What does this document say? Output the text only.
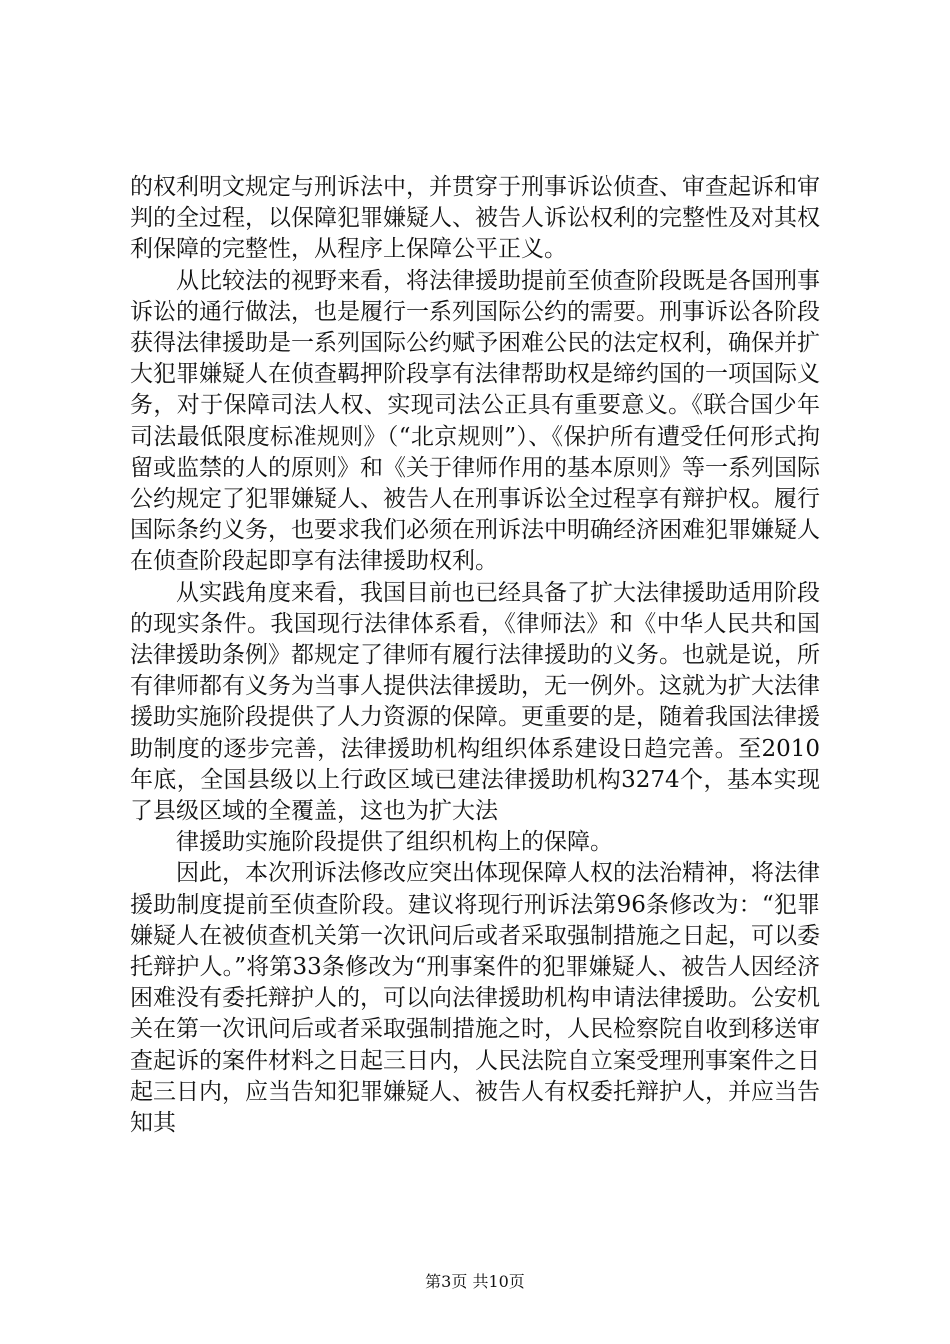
的权利明文规定与刑诉法中，并贯穿于刑事诉讼侦查、审查起诉和审判的全过程，以保障犯罪嫌疑人、被告人诉讼权利的完整性及对其权利保障的完整性，从程序上保障公平正义。

从比较法的视野来看，将法律援助提前至侦查阶段既是各国刑事诉讼的通行做法，也是履行一系列国际公约的需要。刑事诉讼各阶段获得法律援助是一系列国际公约赋予困难公民的法定权利，确保并扩大犯罪嫌疑人在侦查羁押阶段享有法律帮助权是缔约国的一项国际义务，对于保障司法人权、实现司法公正具有重要意义。《联合国少年司法最低限度标准规则》（“北京规则”）、《保护所有遭受任何形式拘留或监禁的人的原则》和《关于律师作用的基本原则》等一系列国际公约规定了犯罪嫌疑人、被告人在刑事诉讼全过程享有辩护权。履行国际条约义务，也要求我们必须在刑诉法中明确经济困难犯罪嫌疑人在侦查阶段起即享有法律援助权利。

从实践角度来看，我国目前也已经具备了扩大法律援助适用阶段的现实条件。我国现行法律体系看，《律师法》和《中华人民共和国法律援助条例》都规定了律师有履行法律援助的义务。也就是说，所有律师都有义务为当事人提供法律援助，无一例外。这就为扩大法律援助实施阶段提供了人力资源的保障。更重要的是，随着我国法律援助制度的逐步完善，法律援助机构组织体系建设日趋完善。至2010年底，全国县级以上行政区域已建法律援助机构3274个，基本实现了县级区域的全覆盖，这也为扩大法

律援助实施阶段提供了组织机构上的保障。

因此，本次刑诉法修改应突出体现保障人权的法治精神，将法律援助制度提前至侦查阶段。建议将现行刑诉法第96条修改为：“犯罪嫌疑人在被侦查机关第一次讯问后或者采取强制措施之日起，可以委托辩护人。”将第33条修改为“刑事案件的犯罪嫌疑人、被告人因经济困难没有委托辩护人的，可以向法律援助机构申请法律援助。公安机关在第一次讯问后或者采取强制措施之时，人民检察院自收到移送审查起诉的案件材料之日起三日内，人民法院自立案受理刑事案件之日起三日内，应当告知犯罪嫌疑人、被告人有权委托辩护人，并应当告知其

第3页 共10页
